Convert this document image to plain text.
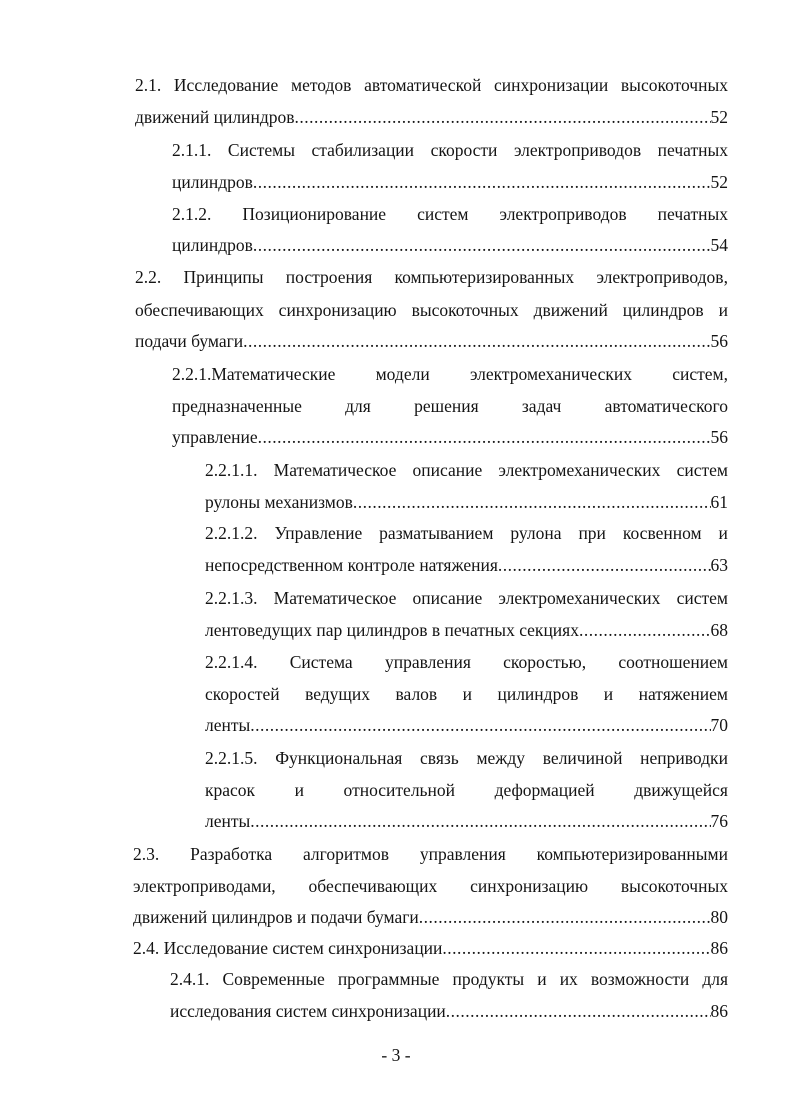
2.1. Исследование методов автоматической синхронизации высокоточных
движений цилиндров .....	52
2.1.1. Системы стабилизации скорости электроприводов печатных
цилиндров .....	52
2.1.2. Позиционирование систем электроприводов печатных
цилиндров .....	54
2.2. Принципы построения компьютеризированных электроприводов,
обеспечивающих синхронизацию высокоточных движений цилиндров и
подачи бумаги .....	56
2.2.1.Математические модели электромеханических систем,
предназначенные для решения задач автоматического
управление .....	56
2.2.1.1. Математическое описание электромеханических систем
рулоны механизмов .....	61
2.2.1.2. Управление разматыванием рулона при косвенном и
непосредственном контроле натяжения .....	63
2.2.1.3. Математическое описание электромеханических систем
лентоведущих пар цилиндров в печатных секциях .....	68
2.2.1.4. Система управления скоростью, соотношением
скоростей ведущих валов и цилиндров и натяжением
ленты .....	70
2.2.1.5. Функциональная связь между величиной неприводки
красок и относительной деформацией движущейся
ленты .....	76
2.3. Разработка алгоритмов управления компьютеризированными
электроприводами, обеспечивающих синхронизацию высокоточных
движений цилиндров и подачи бумаги .....	80
2.4. Исследование систем синхронизации .....	86
2.4.1. Современные программные продукты и их возможности для
исследования систем синхронизации .....	86
- 3 -
